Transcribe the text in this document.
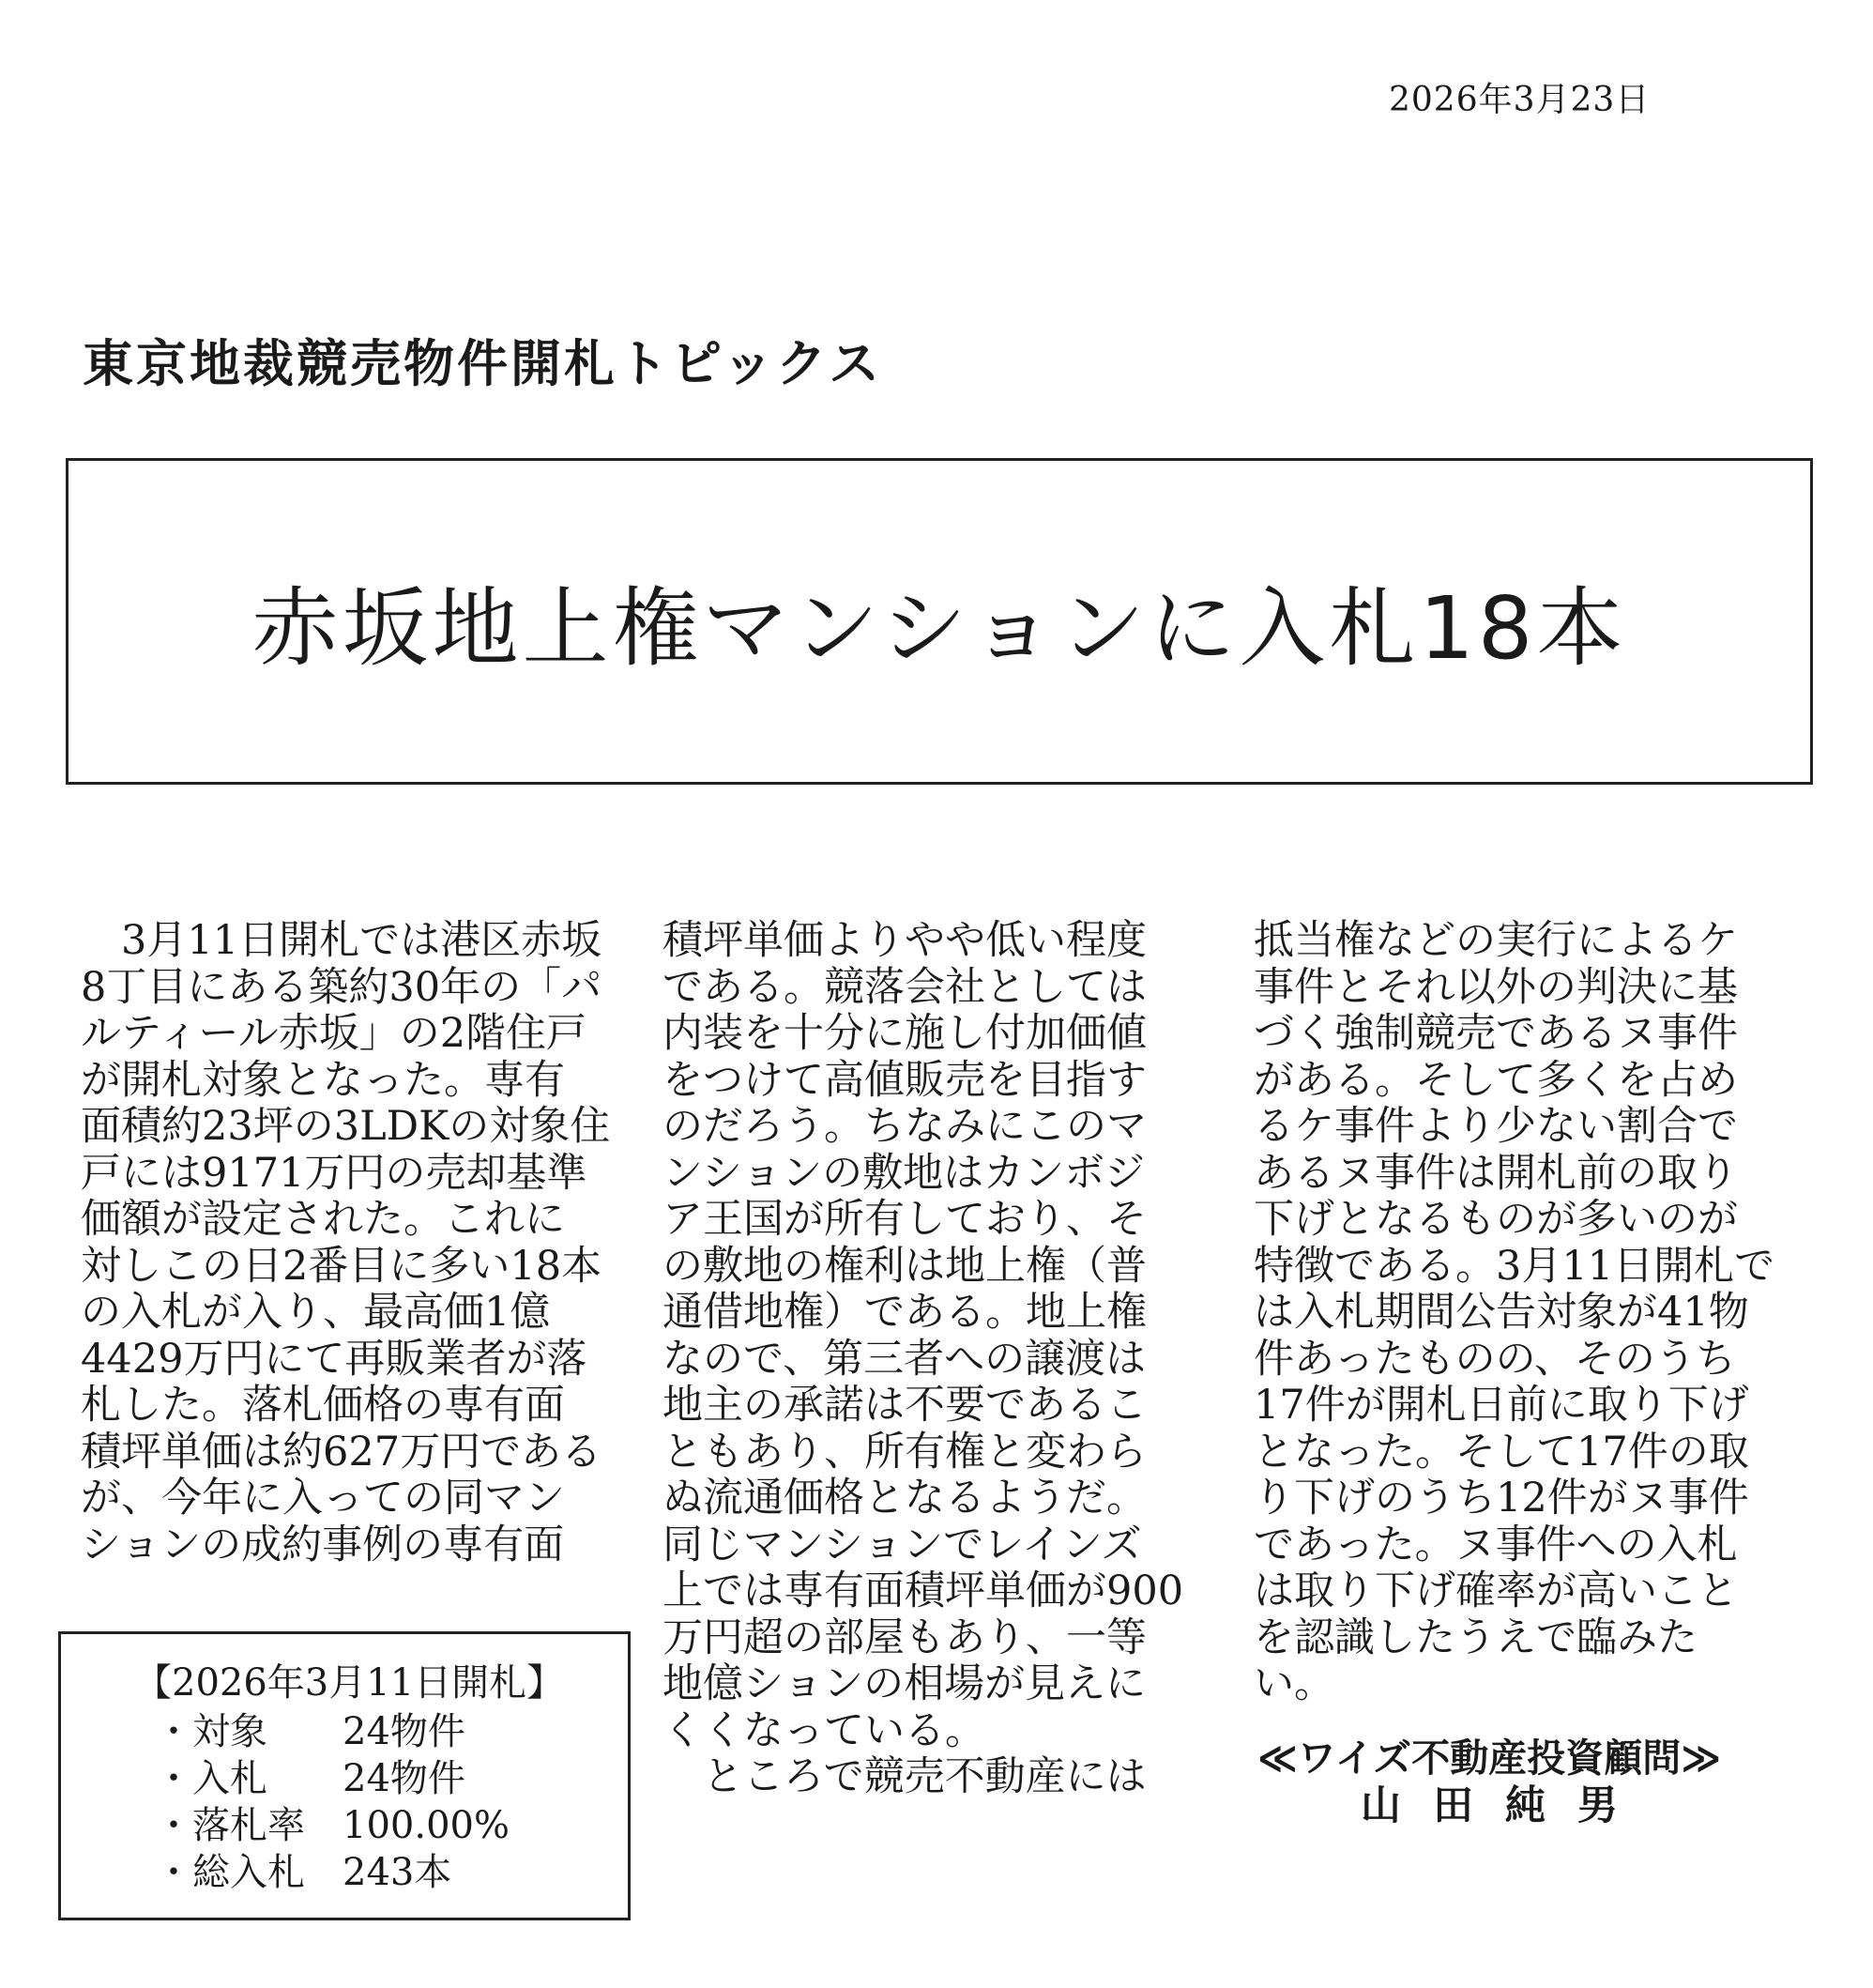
2026年3月23日
東京地裁競売物件開札トピックス
赤坂地上権マンションに入札18本
　3月11日開札では港区赤坂
8丁目にある築約30年の「パ
ルティール赤坂」の2階住戸
が開札対象となった。専有
面積約23坪の3LDKの対象住
戸には9171万円の売却基準
価額が設定された。これに
対しこの日2番目に多い18本
の入札が入り、最高価1億
4429万円にて再販業者が落
札した。落札価格の専有面
積坪単価は約627万円である
が、今年に入っての同マン
ションの成約事例の専有面
積坪単価よりやや低い程度
である。競落会社としては
内装を十分に施し付加価値
をつけて高値販売を目指す
のだろう。ちなみにこのマ
ンションの敷地はカンボジ
ア王国が所有しており、そ
の敷地の権利は地上権（普
通借地権）である。地上権
なので、第三者への譲渡は
地主の承諾は不要であるこ
ともあり、所有権と変わら
ぬ流通価格となるようだ。
同じマンションでレインズ
上では専有面積坪単価が900
万円超の部屋もあり、一等
地億ションの相場が見えに
くくなっている。
　ところで競売不動産には
抵当権などの実行によるケ
事件とそれ以外の判決に基
づく強制競売であるヌ事件
がある。そして多くを占め
るケ事件より少ない割合で
あるヌ事件は開札前の取り
下げとなるものが多いのが
特徴である。3月11日開札で
は入札期間公告対象が41物
件あったものの、そのうち
17件が開札日前に取り下げ
となった。そして17件の取
り下げのうち12件がヌ事件
であった。ヌ事件への入札
は取り下げ確率が高いこと
を認識したうえで臨みた
い。
≪ワイズ不動産投資顧問≫
山田純男
【2026年3月11日開札】
・対象 24物件
・入札 24物件
・落札率 100.00%
・総入札 243本
